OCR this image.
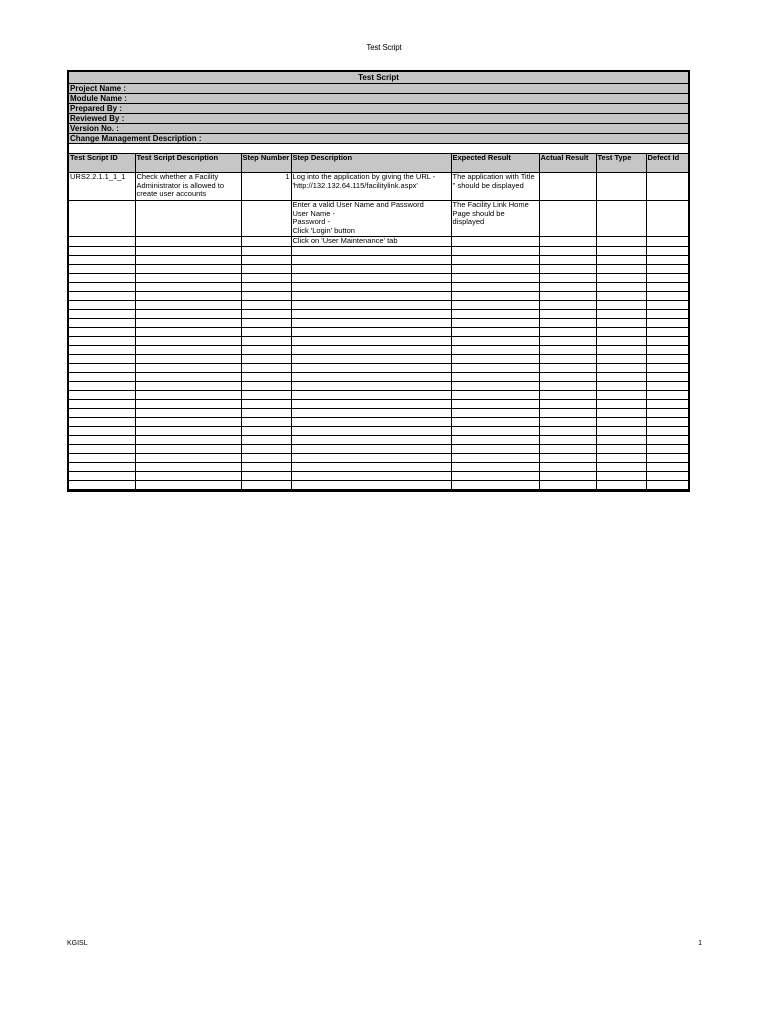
Test Script
Test Script
Project Name :
Module Name :
Prepared By :
Reviewed By :
Version No. :
Change Management Description :
Test Script ID	Test Script Description	Step Number	Step Description	Expected Result	Actual Result	Test Type	Defect Id
URS2.2.1.1_1_1	Check whether a Facility Administrator is allowed to create user accounts	1	Log into the application by giving the URL - 'http://132.132.64.115/facilitylink.aspx'	The application with Title '' should be displayed			

			Enter a valid User Name and Password
User Name -
Password -
Click 'Login' button	The Facility Link Home Page should be displayed			
			Click on 'User Maintenance' tab				

KGISL	1
